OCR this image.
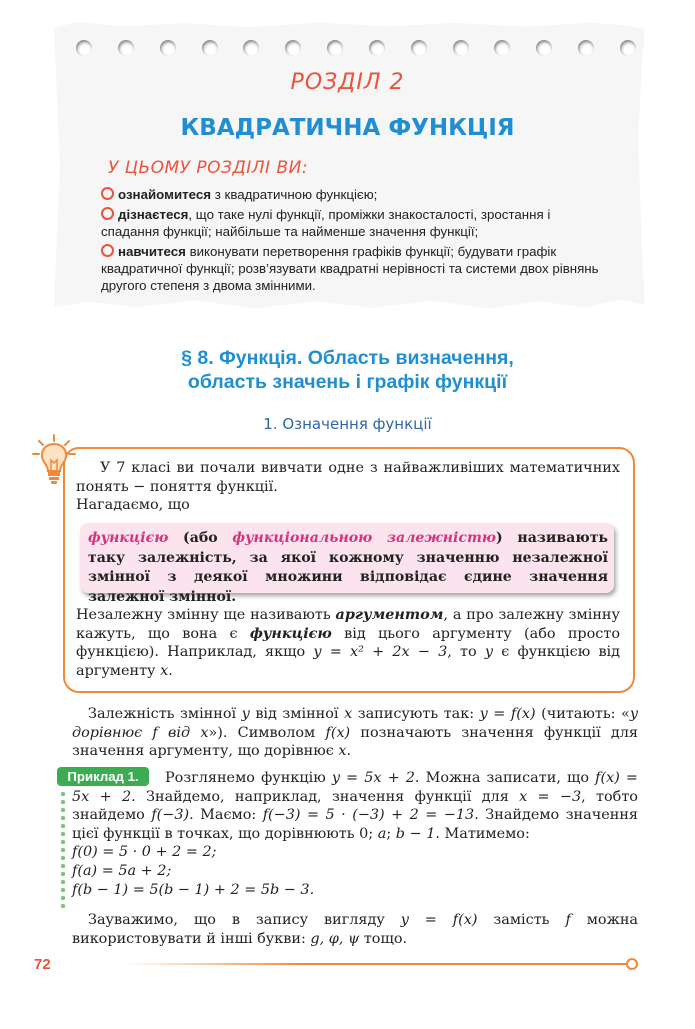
РОЗДІЛ 2
КВАДРАТИЧНА ФУНКЦІЯ
У ЦЬОМУ РОЗДІЛІ ВИ:
ознайомитеся з квадратичною функцією;
дізнаєтеся, що таке нулі функції, проміжки знакосталості, зростання і спадання функції; найбільше та найменше значення функції;
навчитеся виконувати перетворення графіків функції; будувати графік квадратичної функції; розв’язувати квадратні нерівності та системи двох рівнянь другого степеня з двома змінними.
§ 8. Функція. Область визначення,
область значень і графік функції
1. Означення функції

У 7 класі ви почали вивчати одне з найважливіших математичних понять − поняття функції.

Нагадаємо, що

функцією (або функціональною залежністю) називають таку залежність, за якої кожному значенню незалежної змінної з деякої множини відповідає єдине значення залежної змінної.

Незалежну змінну ще називають аргументом, а про залежну змінну кажуть, що вона є функцією від цього аргументу (або просто функцією). Наприклад, якщо y = x² + 2x − 3, то y є функцією від аргументу x.

Залежність змінної y від змінної x записують так: y = f(x) (читають: «y дорівнює f від x»). Символом f(x) позначають значення функції для значення аргументу, що дорівнює x.

Приклад 1.	Розглянемо функцію y = 5x + 2. Можна записати, що f(x) = 5x + 2. Знайдемо, наприклад, значення функції для x = −3, тобто знайдемо f(−3). Маємо: f(−3) = 5 · (−3) + 2 = −13. Знайдемо значення цієї функції в точках, що дорівнюють 0; a; b − 1. Матимемо:

f(0) = 5 · 0 + 2 = 2;

f(a) = 5a + 2;

f(b − 1) = 5(b − 1) + 2 = 5b − 3.

Зауважимо, що в запису вигляду y = f(x) замість f можна використовувати й інші букви: g, φ, ψ тощо.

72
